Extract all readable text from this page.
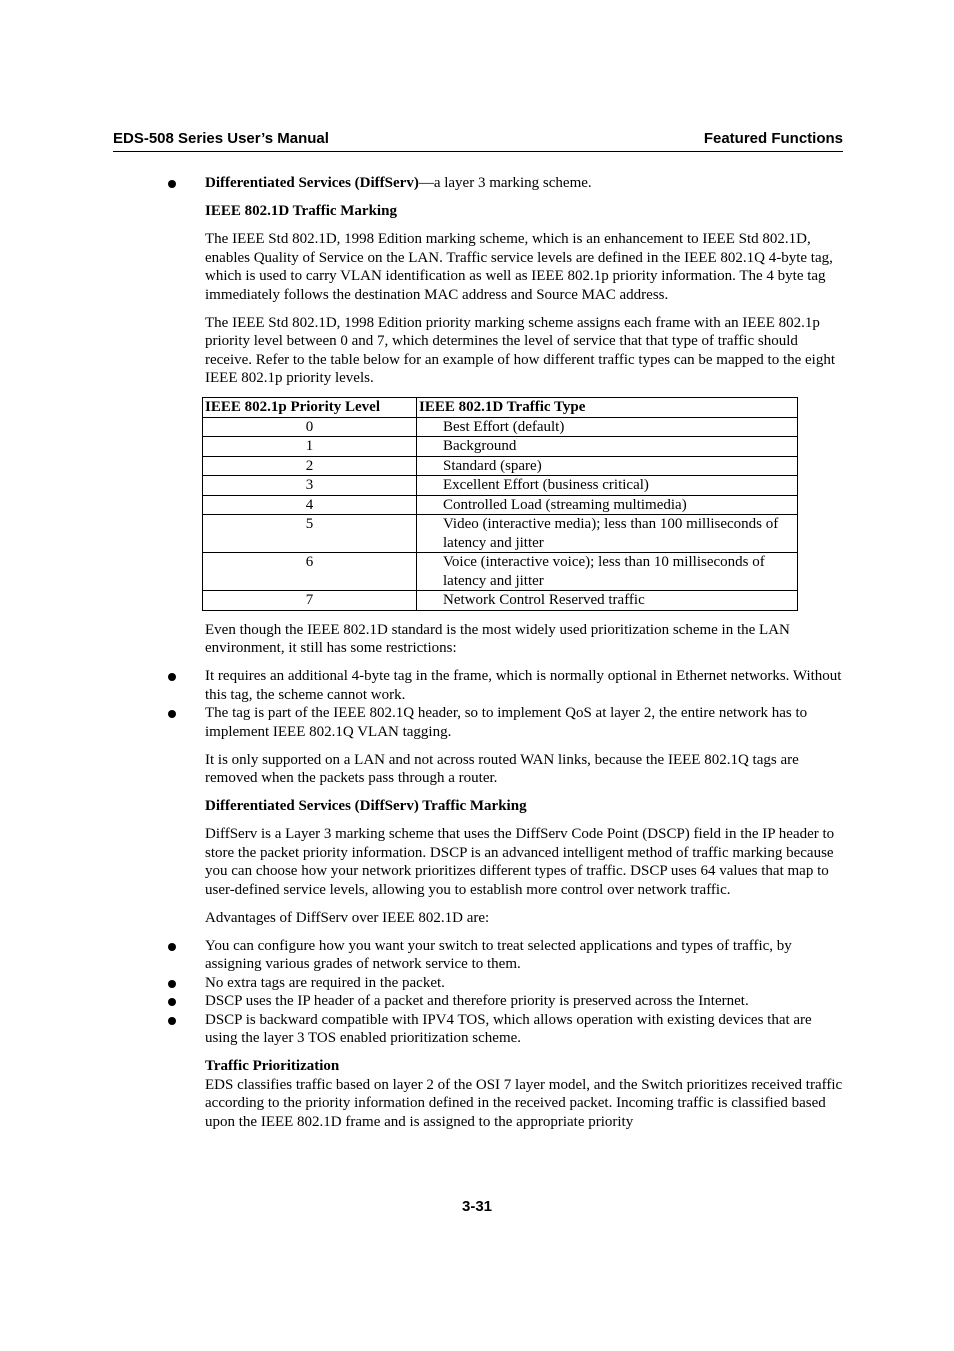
EDS-508 Series User’s Manual	Featured Functions
Differentiated Services (DiffServ)—a layer 3 marking scheme.
IEEE 802.1D Traffic Marking

The IEEE Std 802.1D, 1998 Edition marking scheme, which is an enhancement to IEEE Std 802.1D, enables Quality of Service on the LAN. Traffic service levels are defined in the IEEE 802.1Q 4-byte tag, which is used to carry VLAN identification as well as IEEE 802.1p priority information. The 4 byte tag immediately follows the destination MAC address and Source MAC address.

The IEEE Std 802.1D, 1998 Edition priority marking scheme assigns each frame with an IEEE 802.1p priority level between 0 and 7, which determines the level of service that that type of traffic should receive. Refer to the table below for an example of how different traffic types can be mapped to the eight IEEE 802.1p priority levels.

IEEE 802.1p Priority Level	IEEE 802.1D Traffic Type
0	Best Effort (default)
1	Background
2	Standard (spare)
3	Excellent Effort (business critical)
4	Controlled Load (streaming multimedia)
5	Video (interactive media); less than 100 milliseconds of latency and jitter
6	Voice (interactive voice); less than 10 milliseconds of latency and jitter
7	Network Control Reserved traffic

Even though the IEEE 802.1D standard is the most widely used prioritization scheme in the LAN environment, it still has some restrictions:

It requires an additional 4-byte tag in the frame, which is normally optional in Ethernet networks. Without this tag, the scheme cannot work.
The tag is part of the IEEE 802.1Q header, so to implement QoS at layer 2, the entire network has to implement IEEE 802.1Q VLAN tagging.

It is only supported on a LAN and not across routed WAN links, because the IEEE 802.1Q tags are removed when the packets pass through a router.

Differentiated Services (DiffServ) Traffic Marking

DiffServ is a Layer 3 marking scheme that uses the DiffServ Code Point (DSCP) field in the IP header to store the packet priority information. DSCP is an advanced intelligent method of traffic marking because you can choose how your network prioritizes different types of traffic. DSCP uses 64 values that map to user-defined service levels, allowing you to establish more control over network traffic.

Advantages of DiffServ over IEEE 802.1D are:

You can configure how you want your switch to treat selected applications and types of traffic, by assigning various grades of network service to them.
No extra tags are required in the packet.
DSCP uses the IP header of a packet and therefore priority is preserved across the Internet.
DSCP is backward compatible with IPV4 TOS, which allows operation with existing devices that are using the layer 3 TOS enabled prioritization scheme.
Traffic Prioritization

EDS classifies traffic based on layer 2 of the OSI 7 layer model, and the Switch prioritizes received traffic according to the priority information defined in the received packet. Incoming traffic is classified based upon the IEEE 802.1D frame and is assigned to the appropriate priority

3-31
